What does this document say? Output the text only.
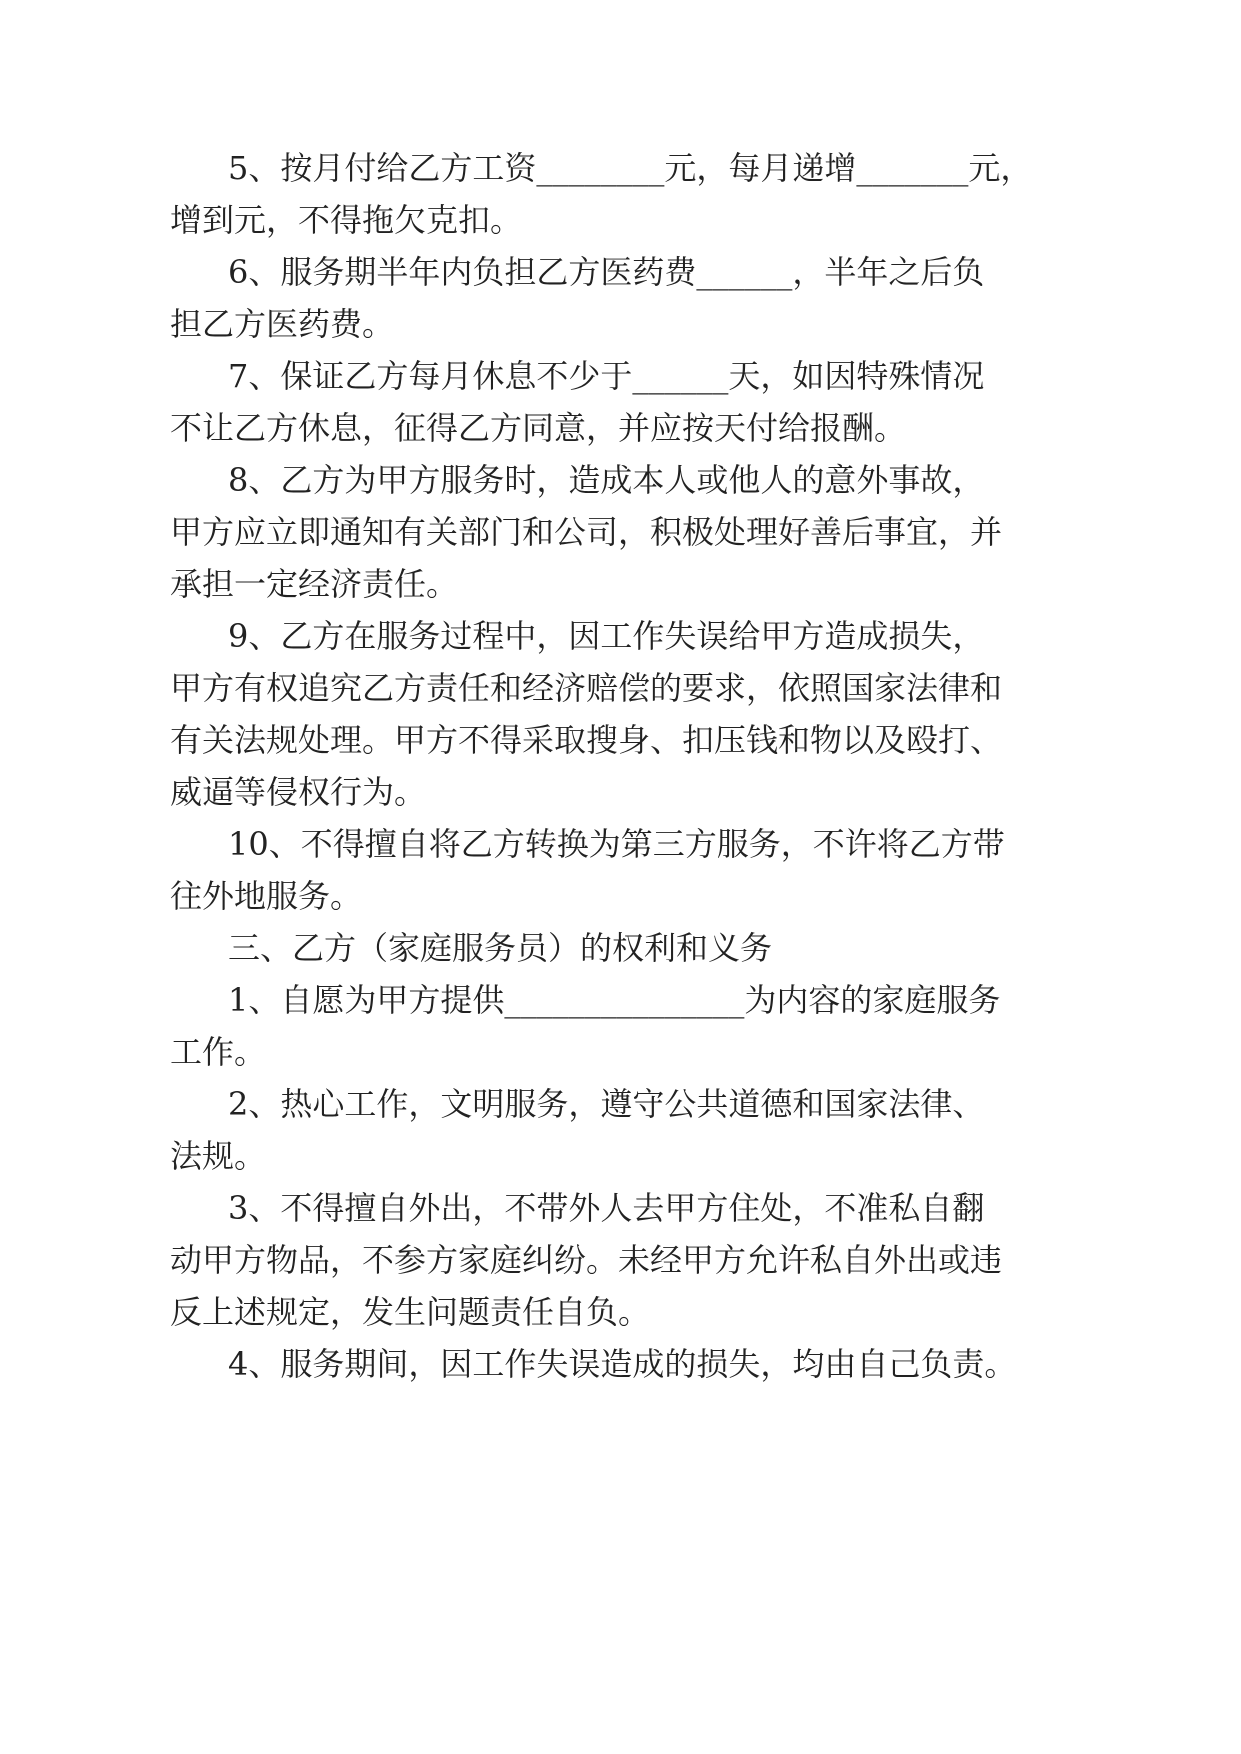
5、按月付给乙方工资________元，每月递增_______元，
增到元，不得拖欠克扣。
6、服务期半年内负担乙方医药费______，半年之后负
担乙方医药费。
7、保证乙方每月休息不少于______天，如因特殊情况
不让乙方休息，征得乙方同意，并应按天付给报酬。
8、乙方为甲方服务时，造成本人或他人的意外事故，
甲方应立即通知有关部门和公司，积极处理好善后事宜，并
承担一定经济责任。
9、乙方在服务过程中，因工作失误给甲方造成损失，
甲方有权追究乙方责任和经济赔偿的要求，依照国家法律和
有关法规处理。甲方不得采取搜身、扣压钱和物以及殴打、
威逼等侵权行为。
10、不得擅自将乙方转换为第三方服务，不许将乙方带
往外地服务。
三、乙方（家庭服务员）的权利和义务
1、自愿为甲方提供_______________为内容的家庭服务
工作。
2、热心工作，文明服务，遵守公共道德和国家法律、
法规。
3、不得擅自外出，不带外人去甲方住处，不准私自翻
动甲方物品，不参方家庭纠纷。未经甲方允许私自外出或违
反上述规定，发生问题责任自负。
4、服务期间，因工作失误造成的损失，均由自己负责。
